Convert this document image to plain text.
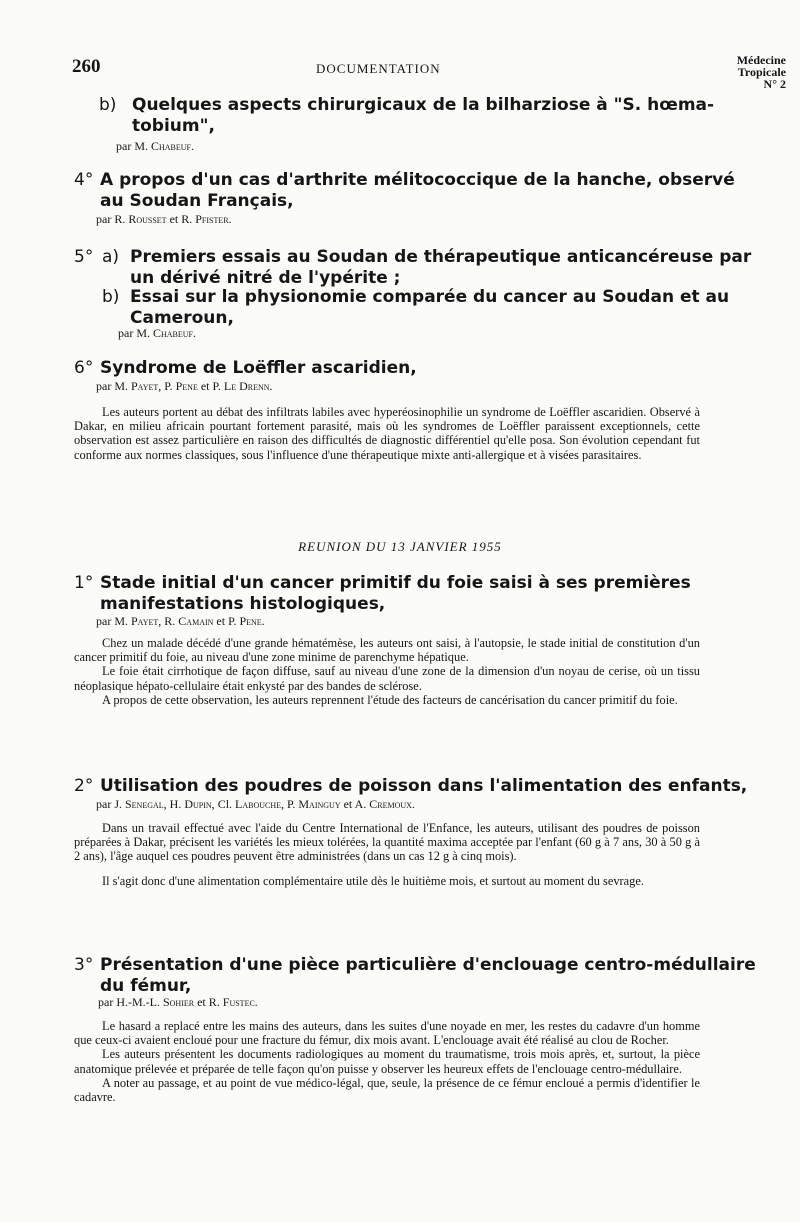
260	DOCUMENTATION
Médecine
Tropicale
N° 2
b) Quelques aspects chirurgicaux de la bilharziose à "S. hœma-
tobium",
par M. Chabeuf.
4° A propos d'un cas d'arthrite mélitococcique de la hanche, observé
au Soudan Français,
par R. Rousset et R. Pfister.
5° a) Premiers essais au Soudan de thérapeutique anticancéreuse par
un dérivé nitré de l'ypérite ;
b) Essai sur la physionomie comparée du cancer au Soudan et au
Cameroun,
par M. Chabeuf.
6° Syndrome de Loëffler ascaridien,
par M. Payet, P. Pene et P. Le Drenn.

Les auteurs portent au débat des infiltrats labiles avec hyperéosinophilie un syndrome de Loëffler ascaridien. Observé à Dakar, en milieu africain pourtant fortement parasité, mais où les syndromes de Loëffler paraissent exceptionnels, cette observation est assez particulière en raison des difficultés de diagnostic différentiel qu'elle posa. Son évolution cependant fut conforme aux normes classiques, sous l'influence d'une thérapeutique mixte anti-allergique et à visées parasitaires.

REUNION DU 13 JANVIER 1955
1° Stade initial d'un cancer primitif du foie saisi à ses premières
manifestations histologiques,
par M. Payet, R. Camain et P. Pene.

Chez un malade décédé d'une grande hématémèse, les auteurs ont saisi, à l'autopsie, le stade initial de constitution d'un cancer primitif du foie, au niveau d'une zone minime de parenchyme hépatique.

Le foie était cirrhotique de façon diffuse, sauf au niveau d'une zone de la dimension d'un noyau de cerise, où un tissu néoplasique hépato-cellulaire était enkysté par des bandes de sclérose.

A propos de cette observation, les auteurs reprennent l'étude des facteurs de cancérisation du cancer primitif du foie.

2° Utilisation des poudres de poisson dans l'alimentation des enfants,
par J. Senegal, H. Dupin, Cl. Labouche, P. Mainguy et A. Cremoux.

Dans un travail effectué avec l'aide du Centre International de l'Enfance, les auteurs, utilisant des poudres de poisson préparées à Dakar, précisent les variétés les mieux tolérées, la quantité maxima acceptée par l'enfant (60 g à 7 ans, 30 à 50 g à 2 ans), l'âge auquel ces poudres peuvent être administrées (dans un cas 12 g à cinq mois).

Il s'agit donc d'une alimentation complémentaire utile dès le huitième mois, et surtout au moment du sevrage.

3° Présentation d'une pièce particulière d'enclouage centro-médullaire
du fémur,
par H.-M.-L. Sohier et R. Fustec.

Le hasard a replacé entre les mains des auteurs, dans les suites d'une noyade en mer, les restes du cadavre d'un homme que ceux-ci avaient encloué pour une fracture du fémur, dix mois avant. L'enclouage avait été réalisé au clou de Rocher.

Les auteurs présentent les documents radiologiques au moment du traumatisme, trois mois après, et, surtout, la pièce anatomique prélevée et préparée de telle façon qu'on puisse y observer les heureux effets de l'enclouage centro-médullaire.

A noter au passage, et au point de vue médico-légal, que, seule, la présence de ce fémur encloué a permis d'identifier le cadavre.
